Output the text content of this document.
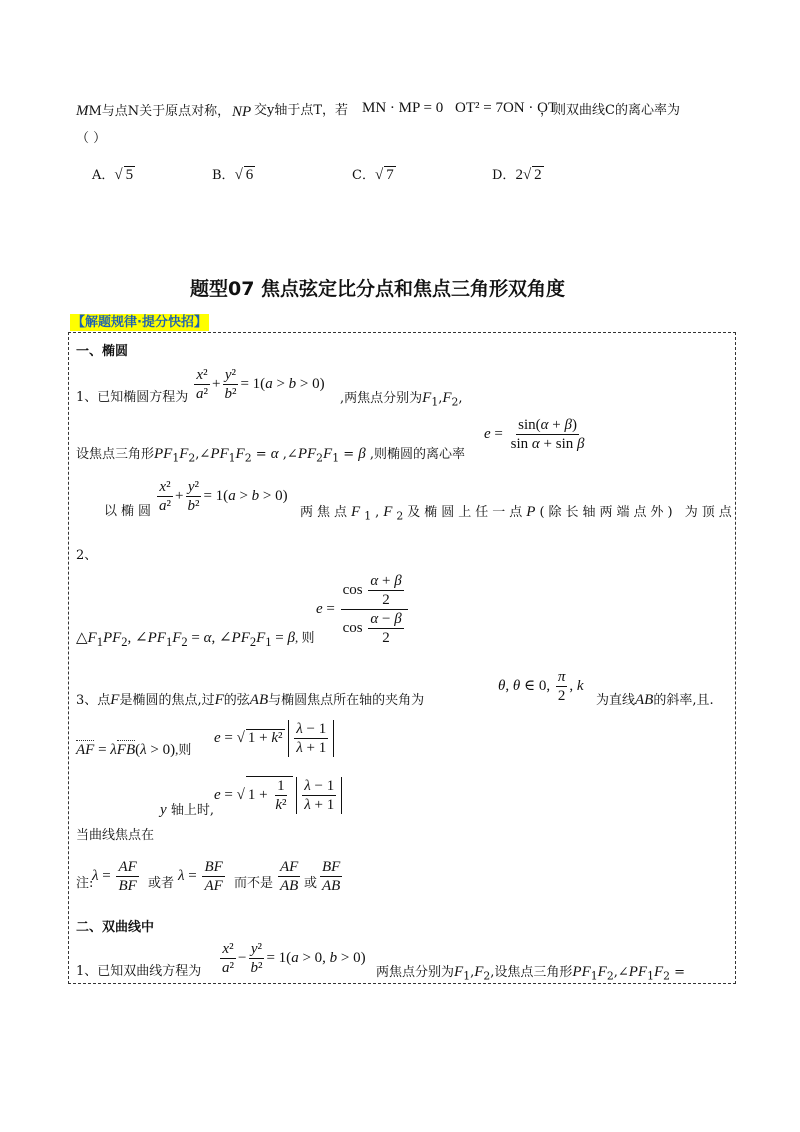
MM与点N关于原点对称， NP 交y轴于点T，若 MN · MP = 0 OT² = 7ON · OT
，则双曲线C的离心率为
（ ）
A．√ 5	B．√ 6	C．√ 7	D．2√ 2
题型07 焦点弦定比分点和焦点三角形双角度
【解题规律·提分快招】
一、椭圆
1、已知椭圆方程为 $\frac{\text{x²}}{\text{a²}} + \frac{\text{y²}}{\text{b²}} = 1(a > b > 0)$
,两焦点分别为$F_1,F_2$,
设焦点三角形$PF_1F_2,\angle PF_1F_2 = \alpha$ $,\angle PF_2F_1 = \beta$ ,则椭圆的离心率
$e = \frac{\sin(\alpha + \beta)}{\text{sin α + sin β}}$
以椭圆 $\frac{\text{x²}}{\text{a²}} + \frac{\text{y²}}{\text{b²}} = 1(a > b > 0)$
两焦点$F_1,F_2$及椭圆上任一点P(除长轴两端点外) 为顶点
2、
$e = \frac{\cos \frac{\alpha + \beta}{2}}{\cos \frac{\alpha - \beta}{2}}$
$\triangle F_1PF_2$, $\angle PF_1F_2 = \alpha$, $\angle PF_2F_1 = \beta$, 则
3、点F是椭圆的焦点,过F的弦AB与椭圆焦点所在轴的夹角为
θ, θ ∈ 0, $\frac{\pi}{2}$ , k
为直线AB的斜率,且.
AF = λFB(λ > 0),则
e = √ $1 + k^2 \frac{\lambda - 1}{\lambda + 1}$
e = √ $1 + \frac{1}{\text{k²}}$
$\frac{\lambda - 1}{\lambda + 1}$
y 轴上时,
当曲线焦点在
注:
$\lambda = \frac{AF}{BF}$ 或者 $\lambda = \frac{BF}{AF}$ 而不是 $\frac{AF}{AB}$ 或 $\frac{BF}{AB}$
二、双曲线中
1、已知双曲线方程为 $\frac{\text{x²}}{\text{a²}} - \frac{\text{y²}}{\text{b²}} = 1(a > 0$, b > 0)
两焦点分别为$F_1,F_2$,设焦点三角形$PF_1F_2,\angle PF_1F_2$ =
